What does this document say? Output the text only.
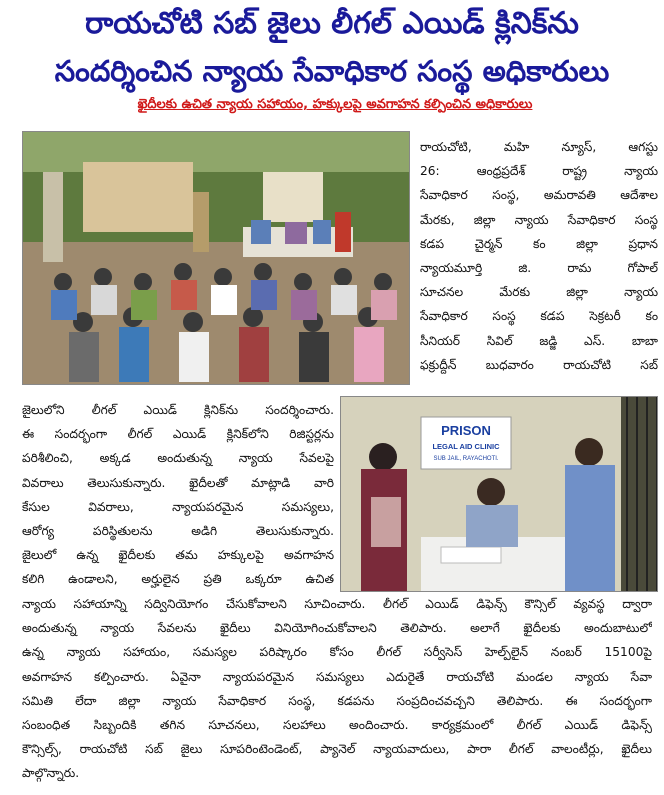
రాయచోటి సబ్ జైలు లీగల్ ఎయిడ్ క్లినిక్‌ను
సందర్శించిన న్యాయ సేవాధికార సంస్థ అధికారులు
ఖైదీలకు ఉచిత న్యాయ సహాయం, హక్కులపై అవగాహన కల్పించిన అధికారులు
రాయచోటి, మహి న్యూస్, ఆగస్టు
26: ఆంధ్రప్రదేశ్ రాష్ట్ర న్యాయ
సేవాధికార సంస్థ, అమరావతి ఆదేశాల
మేరకు, జిల్లా న్యాయ సేవాధికార సంస్థ
కడప చైర్మన్ కం జిల్లా ప్రధాన
న్యాయమూర్తి జి. రామ గోపాల్
సూచనల మేరకు జిల్లా న్యాయ
సేవాధికార సంస్థ కడప సెక్రటరీ కం
సీనియర్ సివిల్ జడ్జి ఎస్. బాబా
ఫక్రుద్దీన్ బుధవారం రాయచోటి సబ్
జైలులోని లీగల్ ఎయిడ్ క్లినిక్‌ను సందర్శించారు.
ఈ సందర్భంగా లీగల్ ఎయిడ్ క్లినిక్‌లోని రిజిస్టర్లను
పరిశీలించి, అక్కడ అందుతున్న న్యాయ సేవలపై
వివరాలు తెలుసుకున్నారు. ఖైదీలతో మాట్లాడి వారి
కేసుల వివరాలు, న్యాయపరమైన సమస్యలు,
ఆరోగ్య పరిస్థితులను అడిగి తెలుసుకున్నారు.
జైలులో ఉన్న ఖైదీలకు తమ హక్కులపై అవగాహన
కలిగి ఉండాలని, అర్హులైన ప్రతి ఒక్కరూ ఉచిత
PRISON
LEGAL AID CLINIC
SUB JAIL, RAYACHOTI.
న్యాయ సహాయాన్ని సద్వినియోగం చేసుకోవాలని సూచించారు. లీగల్ ఎయిడ్ డిఫెన్స్ కౌన్సిల్ వ్యవస్థ ద్వారా
అందుతున్న న్యాయ సేవలను ఖైదీలు వినియోగించుకోవాలని తెలిపారు. అలాగే ఖైదీలకు అందుబాటులో
ఉన్న న్యాయ సహాయం, సమస్యల పరిష్కారం కోసం లీగల్ సర్వీసెస్ హెల్ప్‌లైన్ నంబర్ 15100పై
అవగాహన కల్పించారు. ఏవైనా న్యాయపరమైన సమస్యలు ఎదురైతే రాయచోటి మండల న్యాయ సేవా
సమితి లేదా జిల్లా న్యాయ సేవాధికార సంస్థ, కడపను సంప్రదించవచ్చని తెలిపారు. ఈ సందర్భంగా
సంబంధిత సిబ్బందికి తగిన సూచనలు, సలహాలు అందించారు. కార్యక్రమంలో లీగల్ ఎయిడ్ డిఫెన్స్
కౌన్సిల్స్, రాయచోటి సబ్ జైలు సూపరింటెండెంట్, ప్యానెల్ న్యాయవాదులు, పారా లీగల్ వాలంటీర్లు, ఖైదీలు
పాల్గొన్నారు.
